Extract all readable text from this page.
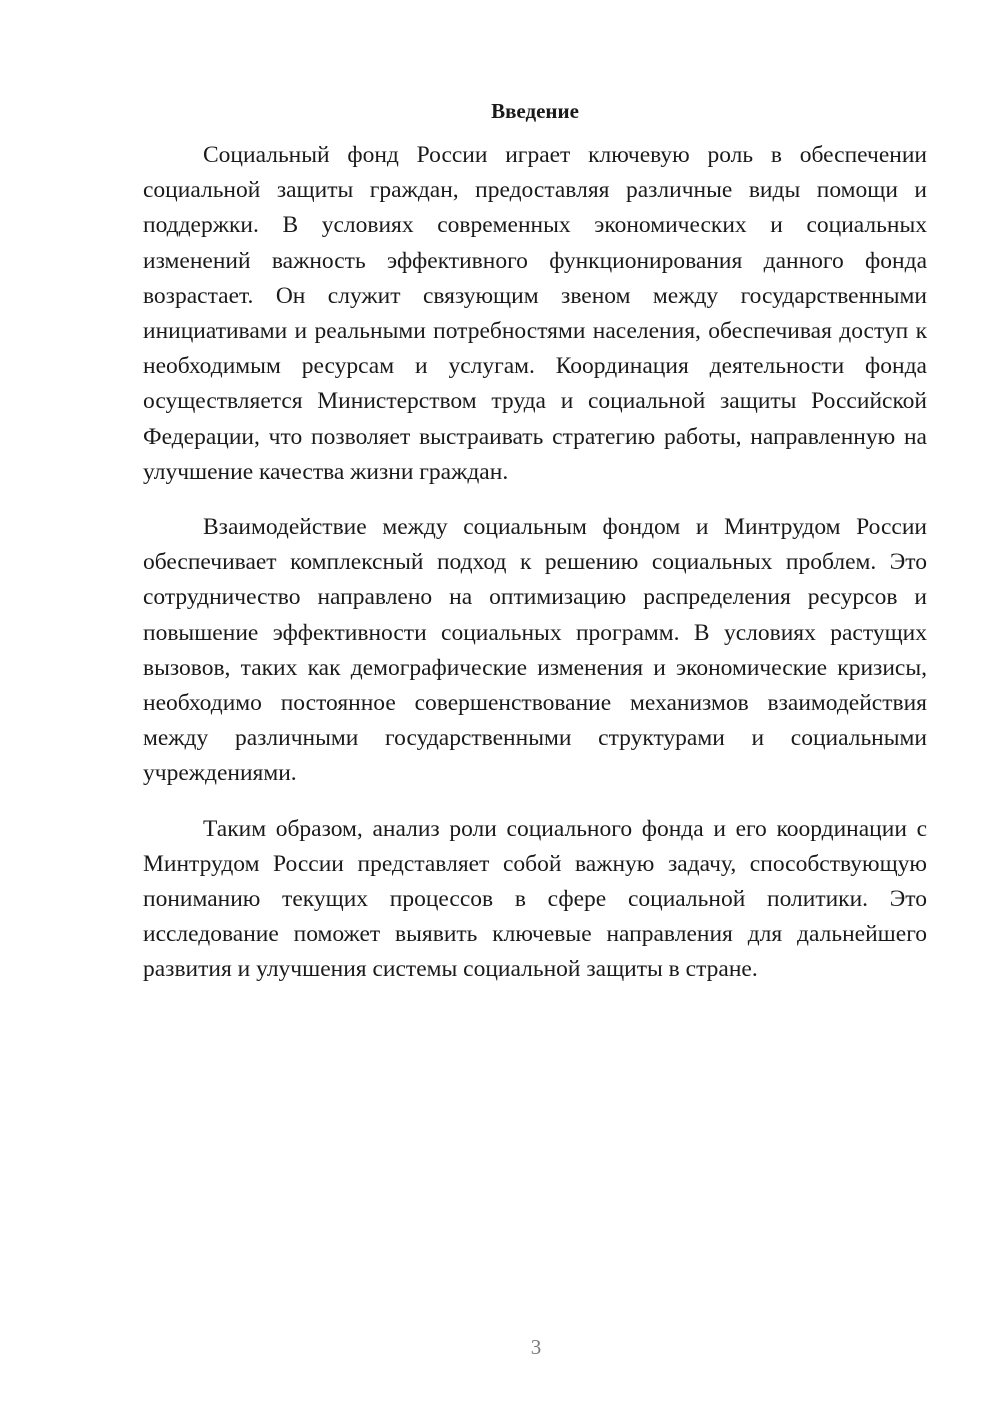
Введение

Социальный фонд России играет ключевую роль в обеспечении социальной защиты граждан, предоставляя различные виды помощи и поддержки. В условиях современных экономических и социальных изменений важность эффективного функционирования данного фонда возрастает. Он служит связующим звеном между государственными инициативами и реальными потребностями населения, обеспечивая доступ к необходимым ресурсам и услугам. Координация деятельности фонда осуществляется Министерством труда и социальной защиты Российской Федерации, что позволяет выстраивать стратегию работы, направленную на улучшение качества жизни граждан.

Взаимодействие между социальным фондом и Минтрудом России обеспечивает комплексный подход к решению социальных проблем. Это сотрудничество направлено на оптимизацию распределения ресурсов и повышение эффективности социальных программ. В условиях растущих вызовов, таких как демографические изменения и экономические кризисы, необходимо постоянное совершенствование механизмов взаимодействия между различными государственными структурами и социальными учреждениями.

Таким образом, анализ роли социального фонда и его координации с Минтрудом России представляет собой важную задачу, способствующую пониманию текущих процессов в сфере социальной политики. Это исследование поможет выявить ключевые направления для дальнейшего развития и улучшения системы социальной защиты в стране.

3
